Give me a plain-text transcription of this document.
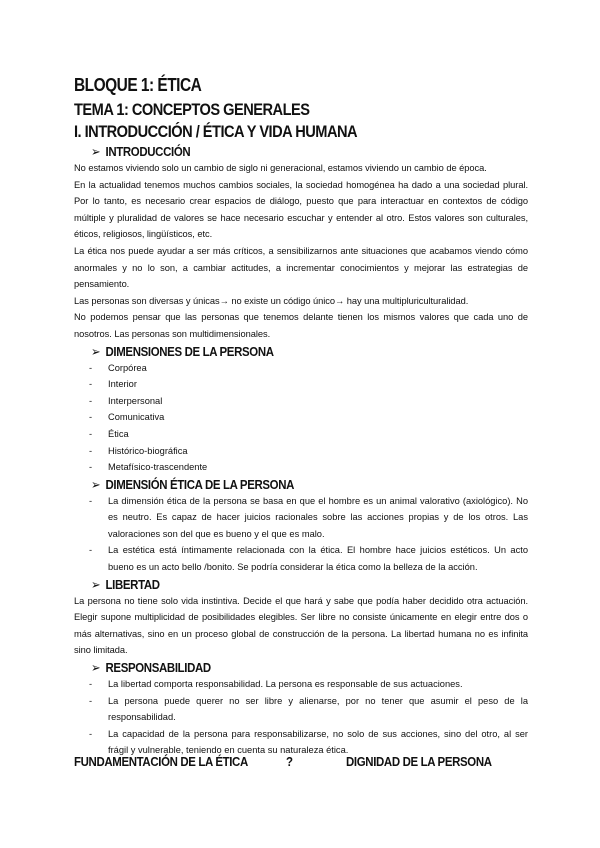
BLOQUE 1: ÉTICA
TEMA 1: CONCEPTOS GENERALES
I. INTRODUCCIÓN / ÉTICA Y VIDA HUMANA
➢ INTRODUCCIÓN

No estamos viviendo solo un cambio de siglo ni generacional, estamos viviendo un cambio de época.

En la actualidad tenemos muchos cambios sociales, la sociedad homogénea ha dado a una sociedad plural. Por lo tanto, es necesario crear espacios de diálogo, puesto que para interactuar en contextos de código múltiple y pluralidad de valores se hace necesario escuchar y entender al otro. Estos valores son culturales, éticos, religiosos, lingüísticos, etc.

La ética nos puede ayudar a ser más críticos, a sensibilizarnos ante situaciones que acabamos viendo cómo anormales y no lo son, a cambiar actitudes, a incrementar conocimientos y mejorar las estrategias de pensamiento.

Las personas son diversas y únicas→ no existe un código único→ hay una multipluriculturalidad.

No podemos pensar que las personas que tenemos delante tienen los mismos valores que cada uno de nosotros. Las personas son multidimensionales.

➢ DIMENSIONES DE LA PERSONA
- Corpórea
- Interior
- Interpersonal
- Comunicativa
- Ética
- Histórico-biográfica
- Metafísico-trascendente
➢ DIMENSIÓN ÉTICA DE LA PERSONA
- La dimensión ética de la persona se basa en que el hombre es un animal valorativo (axiológico). No es neutro. Es capaz de hacer juicios racionales sobre las acciones propias y de los otros. Las valoraciones son del que es bueno y el que es malo.
- La estética está íntimamente relacionada con la ética. El hombre hace juicios estéticos. Un acto bueno es un acto bello /bonito. Se podría considerar la ética como la belleza de la acción.
➢ LIBERTAD

La persona no tiene solo vida instintiva. Decide el que hará y sabe que podía haber decidido otra actuación. Elegir supone multiplicidad de posibilidades elegibles. Ser libre no consiste únicamente en elegir entre dos o más alternativas, sino en un proceso global de construcción de la persona. La libertad humana no es infinita sino limitada.

➢ RESPONSABILIDAD
- La libertad comporta responsabilidad. La persona es responsable de sus actuaciones.
- La persona puede querer no ser libre y alienarse, por no tener que asumir el peso de la responsabilidad.
- La capacidad de la persona para responsabilizarse, no solo de sus acciones, sino del otro, al ser frágil y vulnerable, teniendo en cuenta su naturaleza ética.
FUNDAMENTACIÓN DE LA ÉTICA	?	DIGNIDAD DE LA PERSONA
